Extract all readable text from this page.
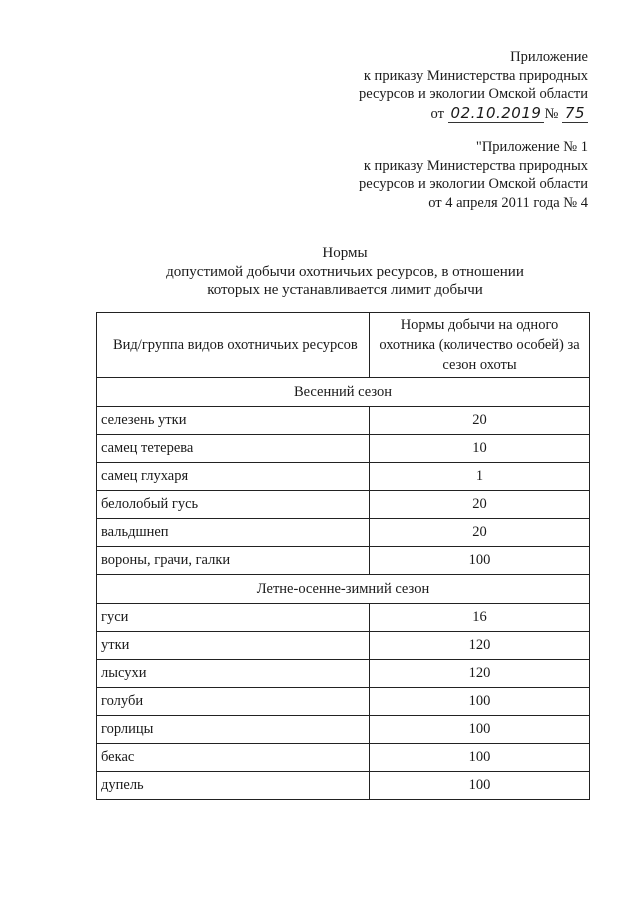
Приложение
к приказу Министерства природных
ресурсов и экологии Омской области
от 02.10.2019 № 75
"Приложение № 1
к приказу Министерства природных
ресурсов и экологии Омской области
от 4 апреля 2011 года № 4
Нормы
допустимой добычи охотничьих ресурсов, в отношении
которых не устанавливается лимит добычи
Вид/группа видов охотничьих ресурсов	Нормы добычи на одного охотника (количество особей) за сезон охоты
Весенний сезон	
селезень утки	20
самец тетерева	10
самец глухаря	1
белолобый гусь	20
вальдшнеп	20
вороны, грачи, галки	100
Летне-осенне-зимний сезон	
гуси	16
утки	120
лысухи	120
голуби	100
горлицы	100
бекас	100
дупель	100
